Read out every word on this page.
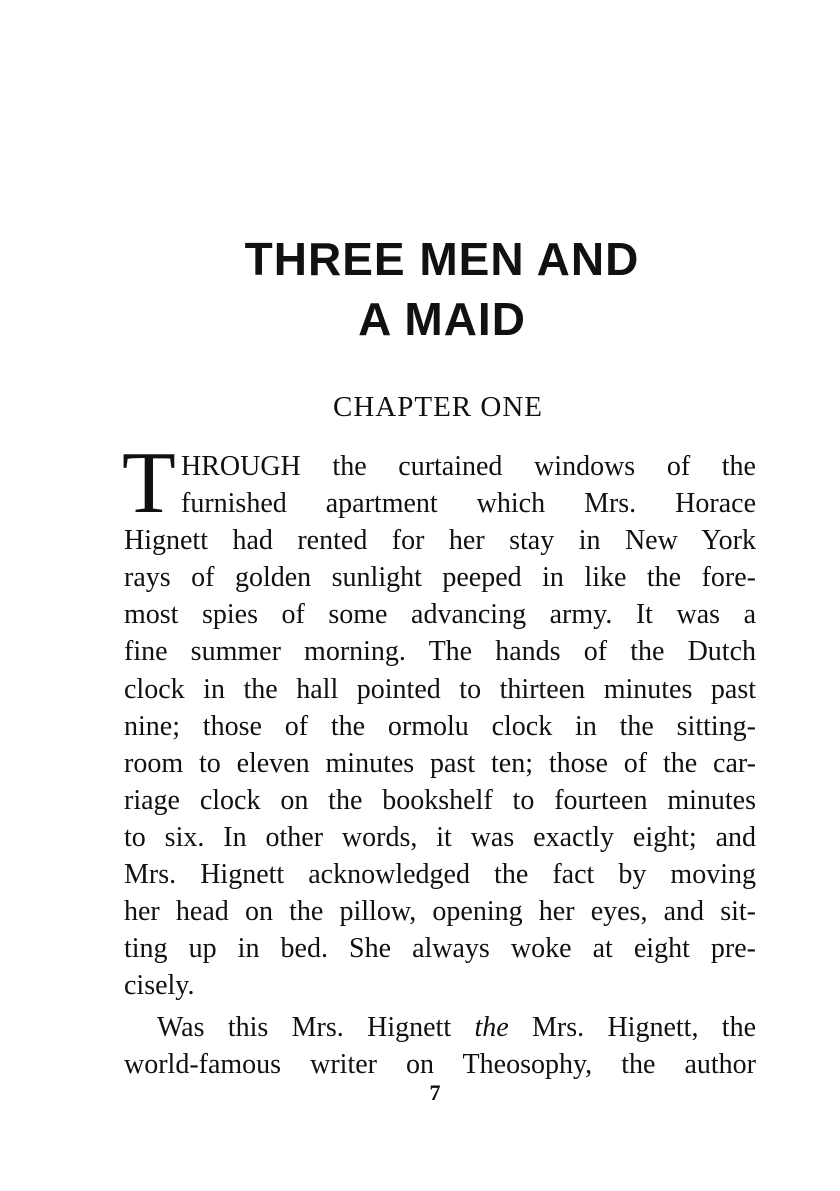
THREE MEN AND
A MAID
CHAPTER ONE
T HROUGH the curtained windows of the
furnished apartment which Mrs. Horace
Hignett had rented for her stay in New York
rays of golden sunlight peeped in like the fore-
most spies of some advancing army. It was a
fine summer morning. The hands of the Dutch
clock in the hall pointed to thirteen minutes past
nine; those of the ormolu clock in the sitting-
room to eleven minutes past ten; those of the car-
riage clock on the bookshelf to fourteen minutes
to six. In other words, it was exactly eight; and
Mrs. Hignett acknowledged the fact by moving
her head on the pillow, opening her eyes, and sit-
ting up in bed. She always woke at eight pre-
cisely.
Was this Mrs. Hignett the Mrs. Hignett, the
world-famous writer on Theosophy, the author
7
